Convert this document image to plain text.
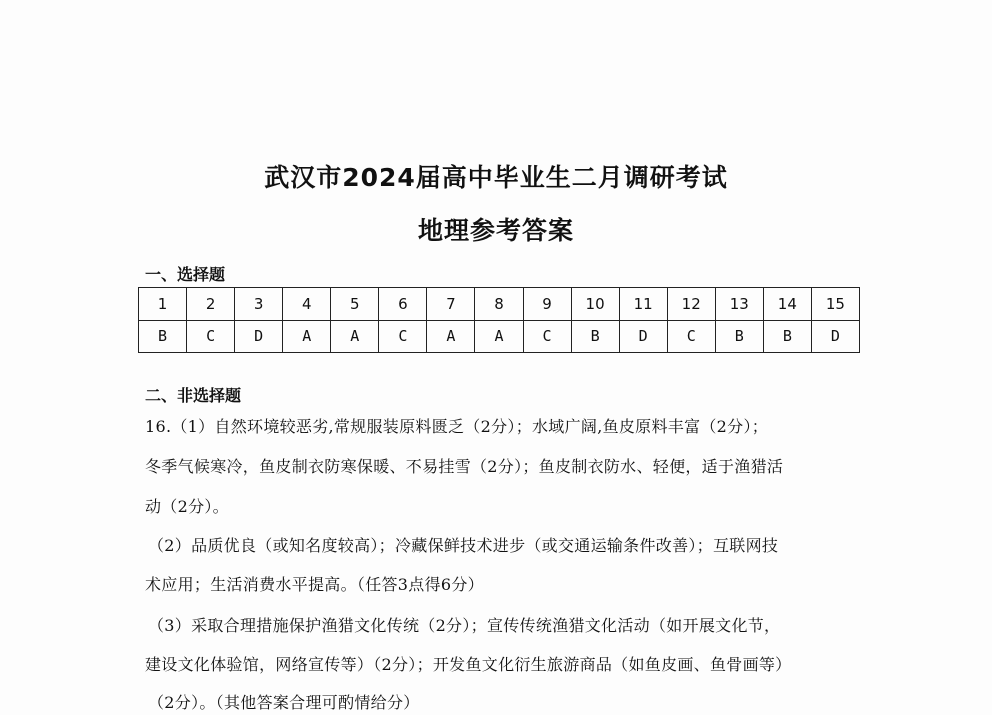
武汉市2024届高中毕业生二月调研考试
地理参考答案
一、选择题
1	2	3	4	5	6	7	8	9	10	11	12	13	14	15
B	C	D	A	A	C	A	A	C	B	D	C	B	B	D
二、非选择题
16.（1）自然环境较恶劣,常规服装原料匮乏（2分）；水域广阔,鱼皮原料丰富（2分）；
冬季气候寒冷，鱼皮制衣防寒保暖、不易挂雪（2分）；鱼皮制衣防水、轻便，适于渔猎活
动（2分）。
（2）品质优良（或知名度较高）；冷藏保鲜技术进步（或交通运输条件改善）；互联网技
术应用；生活消费水平提高。（任答3点得6分）
（3）采取合理措施保护渔猎文化传统（2分）；宣传传统渔猎文化活动（如开展文化节，
建设文化体验馆，网络宣传等）（2分）；开发鱼文化衍生旅游商品（如鱼皮画、鱼骨画等）
（2分）。（其他答案合理可酌情给分）
